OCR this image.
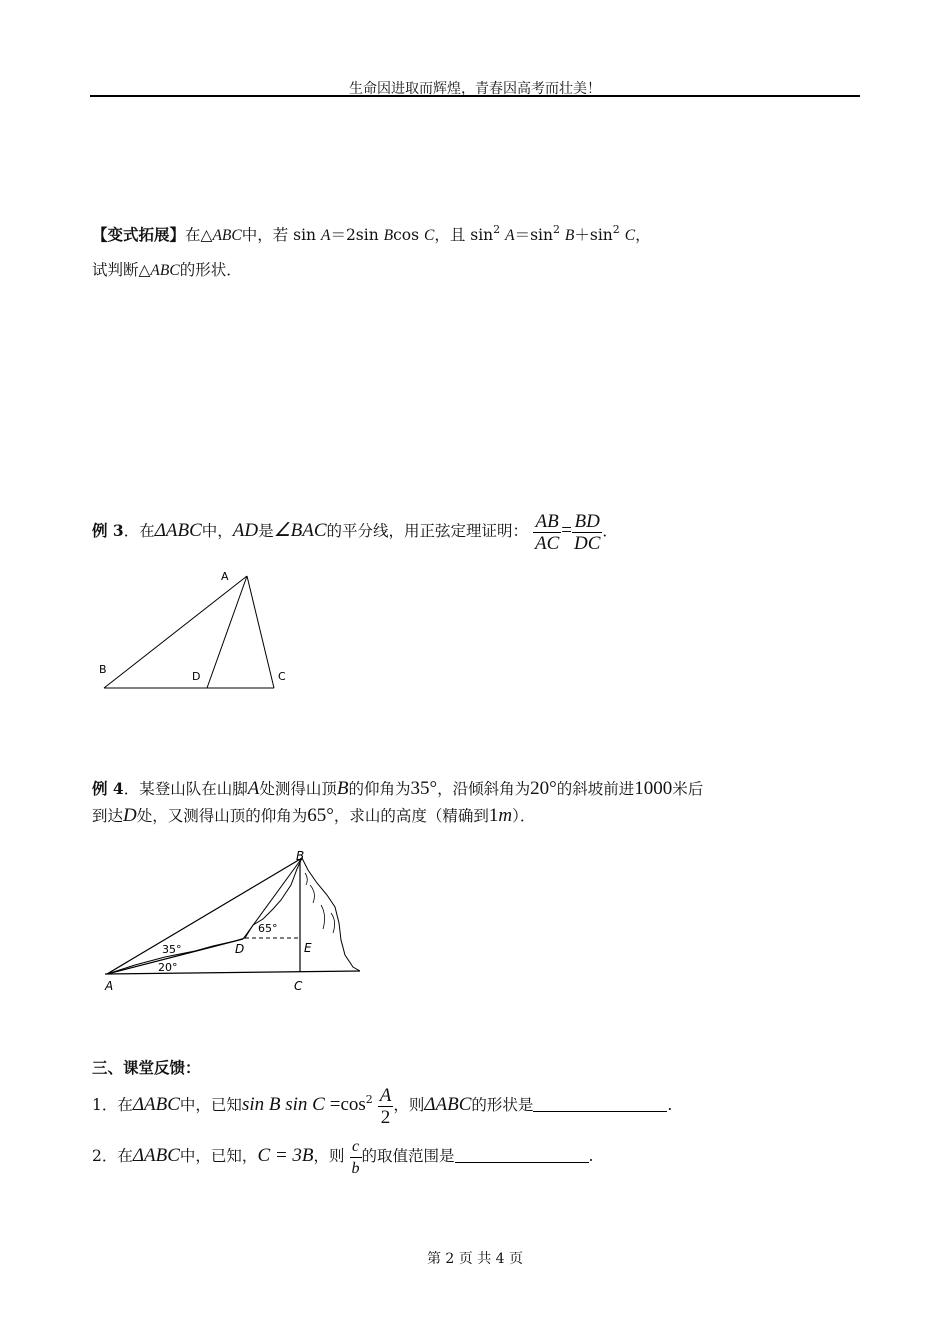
生命因进取而辉煌，青春因高考而壮美！
【变式拓展】在△ABC中，若 sin A＝2sin Bcos C，且 $\sin^2 A=\sin^2$ $B+\sin^2$ C，
试判断△ABC的形状．
例 3．在ΔABC中，AD是∠BAC的平分线，用正弦定理证明： $\frac{AB}{AC} = \frac{BD}{DC}$ ．
A
B
D	C
例 4．某登山队在山脚A处测得山顶B的仰角为35°，沿倾斜角为20°的斜坡前进1000米后
到达D处，又测得山顶的仰角为65°，求山的高度（精确到1m）．
B
A	C
D	E
35°
20°
65°
三、课堂反馈：
1．在ΔABC中，已知sin B $\sin C =\cos^2 \frac{A}{2}$ ，则ΔABC的形状是	.
2．在ΔABC中，已知，C = 3B，则 $\frac{c}{b}$ 的取值范围是	.
第 2 页 共 4 页
